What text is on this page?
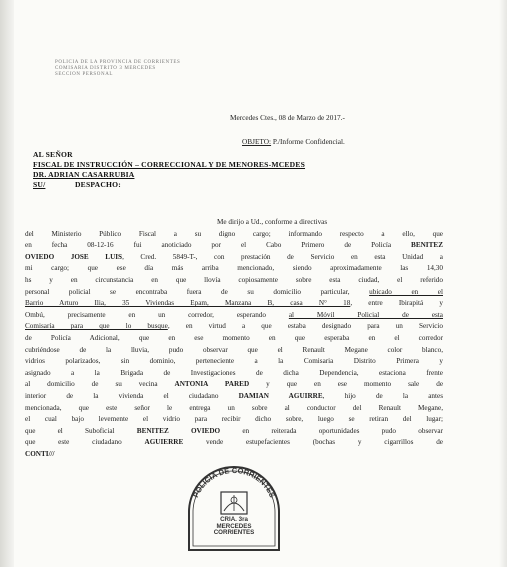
POLICIA DE LA PROVINCIA DE CORRIENTES
COMISARIA DISTRITO 3 MERCEDES
SECCION PERSONAL
Mercedes Ctes., 08 de Marzo de 2017.-
OBJETO: P./Informe Confidencial.
AL SEÑOR
FISCAL DE INSTRUCCIÓN – CORRECCIONAL Y DE MENORES-MCEDES
DR. ADRIAN CASARRUBIA
SU/	DESPACHO:
Me dirijo a Ud., conforme a directivas
del Ministerio Público Fiscal a su digno cargo; informando respecto a ello, que
en fecha 08-12-16 fui anoticiado por el Cabo Primero de Policía BENITEZ
OVIEDO JOSE LUIS, Cred. 5849-T-, con prestación de Servicio en esta Unidad a
mi cargo; que ese día más arriba mencionado, siendo aproximadamente las 14,30
hs y en circunstancia en que llovía copiosamente sobre esta ciudad, el referido
personal policial se encontraba fuera de su domicilio particular, ubicado en el
Barrio Arturo Ilia, 35 Viviendas Epam, Manzana B, casa N° 18, entre Ibirapitá y
Ombú, precisamente en un corredor, esperando al Móvil Policial de esta
Comisaría para que lo busque, en virtud a que estaba designado para un Servicio
de Policía Adicional, que en ese momento en que esperaba en el corredor
cubriéndose de la lluvia, pudo observar que el Renault Megane color blanco,
vidrios polarizados, sin dominio, perteneciente a la Comisaria Distrito Primera y
asignado a la Brigada de Investigaciones de dicha Dependencia, estaciona frente
al domicilio de su vecina ANTONIA PARED y que en ese momento sale de
interior de la vivienda el ciudadano DAMIAN AGUIRRE, hijo de la antes
mencionada, que este señor le entrega un sobre al conductor del Renault Megane,
el cual bajo levemente el vidrio para recibir dicho sobre, luego se retiran del lugar;
que el Suboficial BENITEZ OVIEDO en reiterada oportunidades pudo observar
que este ciudadano AGUIERRE vende estupefacientes (bochas y cigarrillos de
CONTI///
POLICIA DE CORRIENTES
CRIA. 3ra
MERCEDES
CORRIENTES
